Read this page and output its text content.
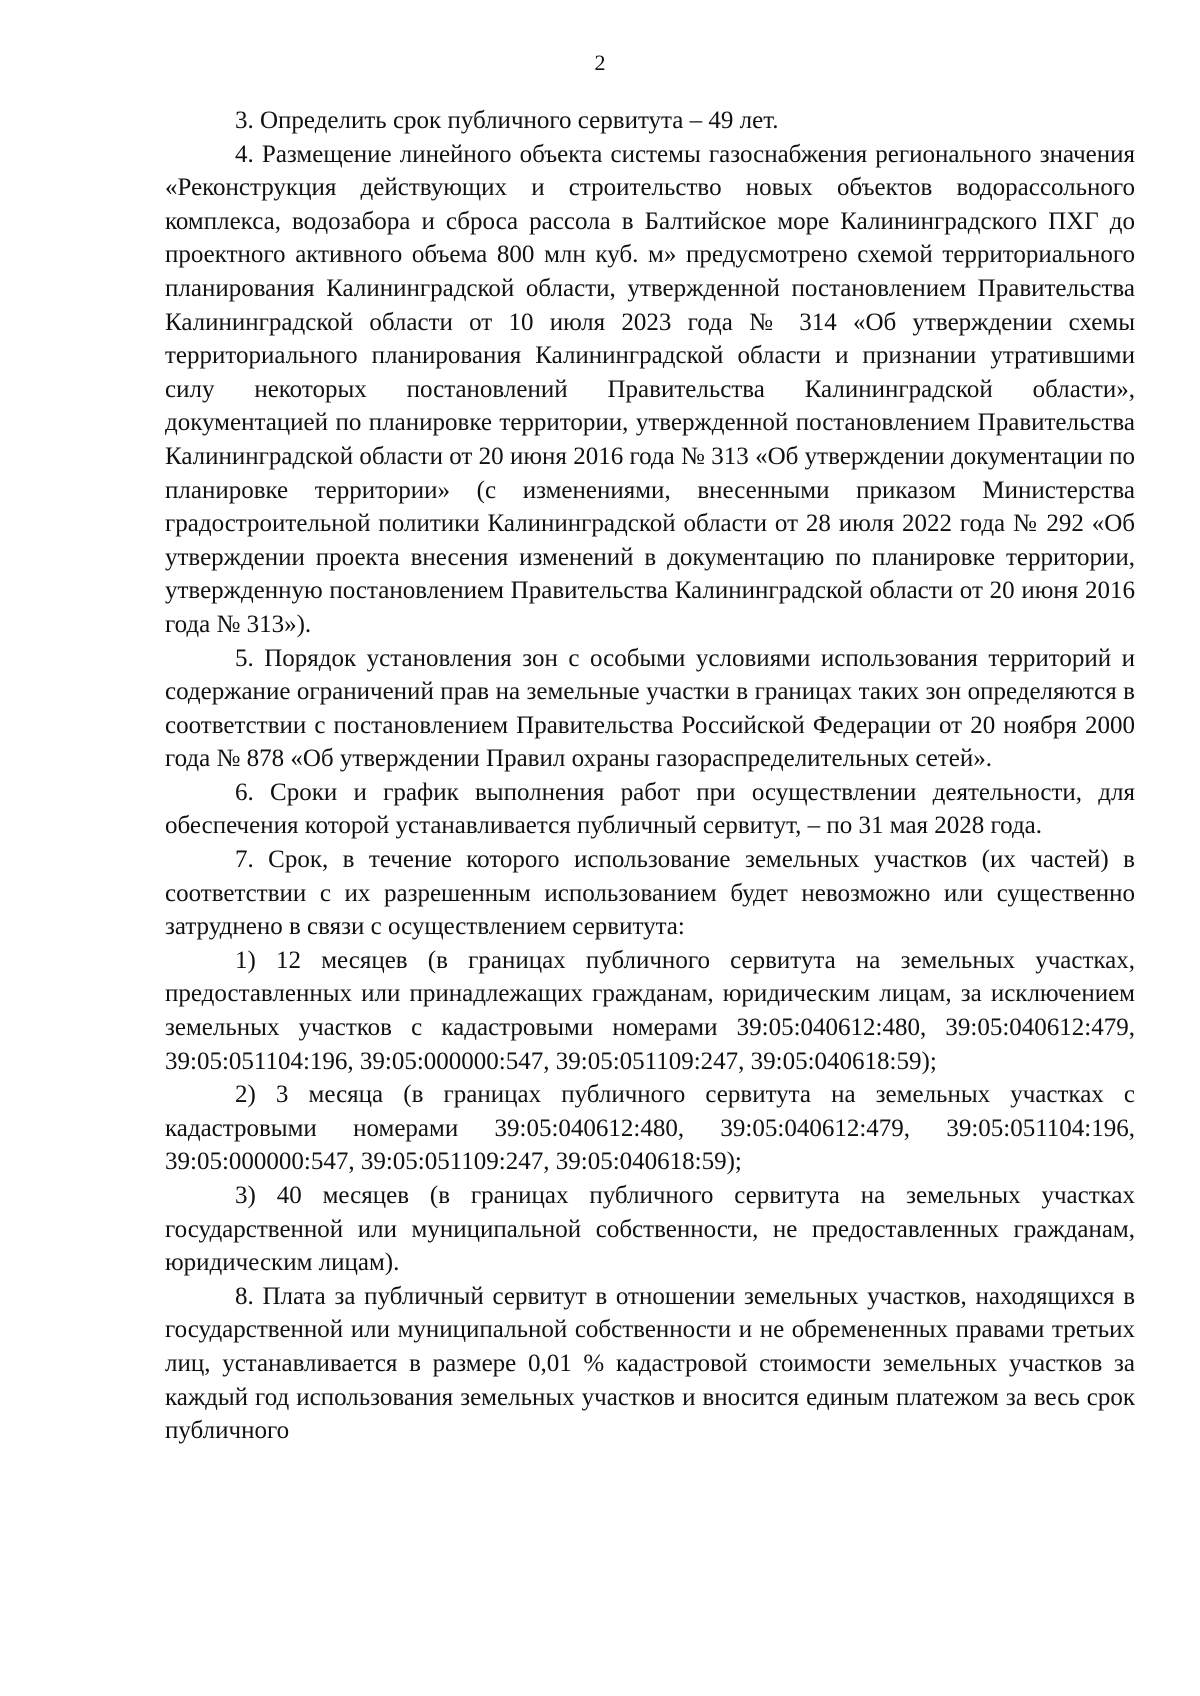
2

3. Определить срок публичного сервитута – 49 лет.

4. Размещение линейного объекта системы газоснабжения регионального значения «Реконструкция действующих и строительство новых объектов водорассольного комплекса, водозабора и сброса рассола в Балтийское море Калининградского ПХГ до проектного активного объема 800 млн куб. м» предусмотрено схемой территориального планирования Калининградской области, утвержденной постановлением Правительства Калининградской области от 10 июля 2023 года № 314 «Об утверждении схемы территориального планирования Калининградской области и признании утратившими силу некоторых постановлений Правительства Калининградской области», документацией по планировке территории, утвержденной постановлением Правительства Калининградской области от 20 июня 2016 года № 313 «Об утверждении документации по планировке территории» (с изменениями, внесенными приказом Министерства градостроительной политики Калининградской области от 28 июля 2022 года № 292 «Об утверждении проекта внесения изменений в документацию по планировке территории, утвержденную постановлением Правительства Калининградской области от 20 июня 2016 года № 313»).

5. Порядок установления зон с особыми условиями использования территорий и содержание ограничений прав на земельные участки в границах таких зон определяются в соответствии с постановлением Правительства Российской Федерации от 20 ноября 2000 года № 878 «Об утверждении Правил охраны газораспределительных сетей».

6. Сроки и график выполнения работ при осуществлении деятельности, для обеспечения которой устанавливается публичный сервитут, – по 31 мая 2028 года.

7. Срок, в течение которого использование земельных участков (их частей) в соответствии с их разрешенным использованием будет невозможно или существенно затруднено в связи с осуществлением сервитута:

1) 12 месяцев (в границах публичного сервитута на земельных участках, предоставленных или принадлежащих гражданам, юридическим лицам, за исключением земельных участков с кадастровыми номерами 39:05:040612:480, 39:05:040612:479, 39:05:051104:196, 39:05:000000:547, 39:05:051109:247, 39:05:040618:59);

2) 3 месяца (в границах публичного сервитута на земельных участках с кадастровыми номерами 39:05:040612:480, 39:05:040612:479, 39:05:051104:196, 39:05:000000:547, 39:05:051109:247, 39:05:040618:59);

3) 40 месяцев (в границах публичного сервитута на земельных участках государственной или муниципальной собственности, не предоставленных гражданам, юридическим лицам).

8. Плата за публичный сервитут в отношении земельных участков, находящихся в государственной или муниципальной собственности и не обремененных правами третьих лиц, устанавливается в размере 0,01 % кадастровой стоимости земельных участков за каждый год использования земельных участков и вносится единым платежом за весь срок публичного
